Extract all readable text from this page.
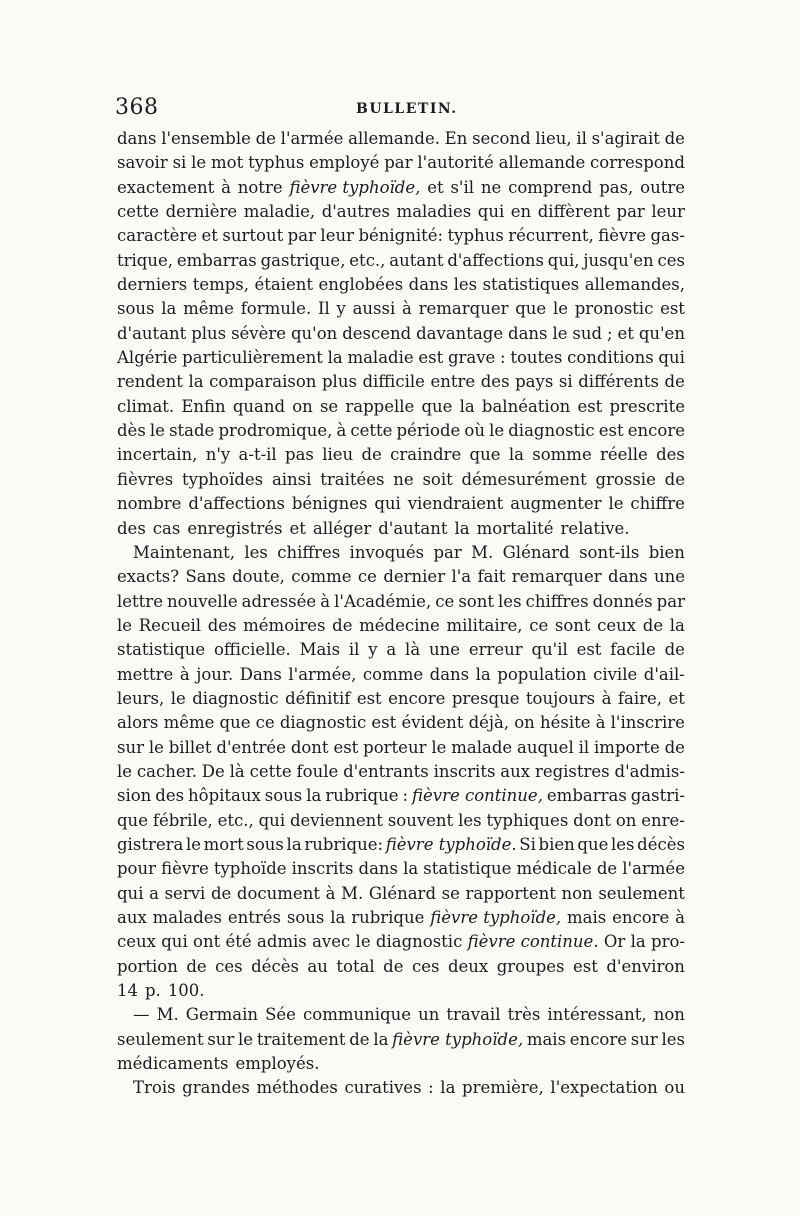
368	BULLETIN.
dans l'ensemble de l'armée allemande. En second lieu, il s'agirait de
savoir si le mot typhus employé par l'autorité allemande correspond
exactement à notre fièvre typhoïde, et s'il ne comprend pas, outre
cette dernière maladie, d'autres maladies qui en diffèrent par leur
caractère et surtout par leur bénignité: typhus récurrent, fièvre gas-
trique, embarras gastrique, etc., autant d'affections qui, jusqu'en ces
derniers temps, étaient englobées dans les statistiques allemandes,
sous la même formule. Il y aussi à remarquer que le pronostic est
d'autant plus sévère qu'on descend davantage dans le sud ; et qu'en
Algérie particulièrement la maladie est grave : toutes conditions qui
rendent la comparaison plus difficile entre des pays si différents de
climat. Enfin quand on se rappelle que la balnéation est prescrite
dès le stade prodromique, à cette période où le diagnostic est encore
incertain, n'y a-t-il pas lieu de craindre que la somme réelle des
fièvres typhoïdes ainsi traitées ne soit démesurément grossie de
nombre d'affections bénignes qui viendraient augmenter le chiffre
des cas enregistrés et alléger d'autant la mortalité relative.
Maintenant, les chiffres invoqués par M. Glénard sont-ils bien
exacts? Sans doute, comme ce dernier l'a fait remarquer dans une
lettre nouvelle adressée à l'Académie, ce sont les chiffres donnés par
le Recueil des mémoires de médecine militaire, ce sont ceux de la
statistique officielle. Mais il y a là une erreur qu'il est facile de
mettre à jour. Dans l'armée, comme dans la population civile d'ail-
leurs, le diagnostic définitif est encore presque toujours à faire, et
alors même que ce diagnostic est évident déjà, on hésite à l'inscrire
sur le billet d'entrée dont est porteur le malade auquel il importe de
le cacher. De là cette foule d'entrants inscrits aux registres d'admis-
sion des hôpitaux sous la rubrique : fièvre continue, embarras gastri-
que fébrile, etc., qui deviennent souvent les typhiques dont on enre-
gistrera le mort sous la rubrique: fièvre typhoïde. Si bien que les décès
pour fièvre typhoïde inscrits dans la statistique médicale de l'armée
qui a servi de document à M. Glénard se rapportent non seulement
aux malades entrés sous la rubrique fièvre typhoïde, mais encore à
ceux qui ont été admis avec le diagnostic fièvre continue. Or la pro-
portion de ces décès au total de ces deux groupes est d'environ
14 p. 100.
— M. Germain Sée communique un travail très intéressant, non
seulement sur le traitement de la fièvre typhoïde, mais encore sur les
médicaments employés.
Trois grandes méthodes curatives : la première, l'expectation ou
